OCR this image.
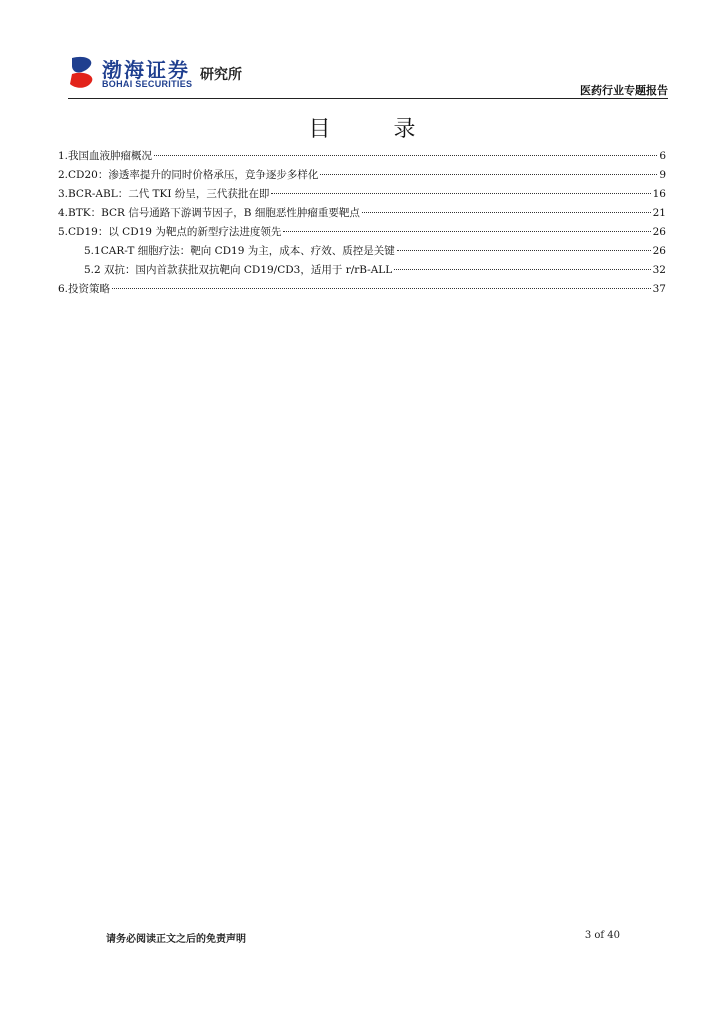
渤海证券
BOHAI SECURITIES
研究所
医药行业专题报告
目 录
1.我国血液肿瘤概况	6
2.CD20：渗透率提升的同时价格承压，竞争逐步多样化	9
3.BCR-ABL：二代 TKI 纷呈，三代获批在即	16
4.BTK：BCR 信号通路下游调节因子，B 细胞恶性肿瘤重要靶点	21
5.CD19：以 CD19 为靶点的新型疗法进度领先	26
5.1CAR-T 细胞疗法：靶向 CD19 为主，成本、疗效、质控是关键	26
5.2 双抗：国内首款获批双抗靶向 CD19/CD3，适用于 r/rB-ALL	32
6.投资策略	37
请务必阅读正文之后的免责声明	3 of 40
